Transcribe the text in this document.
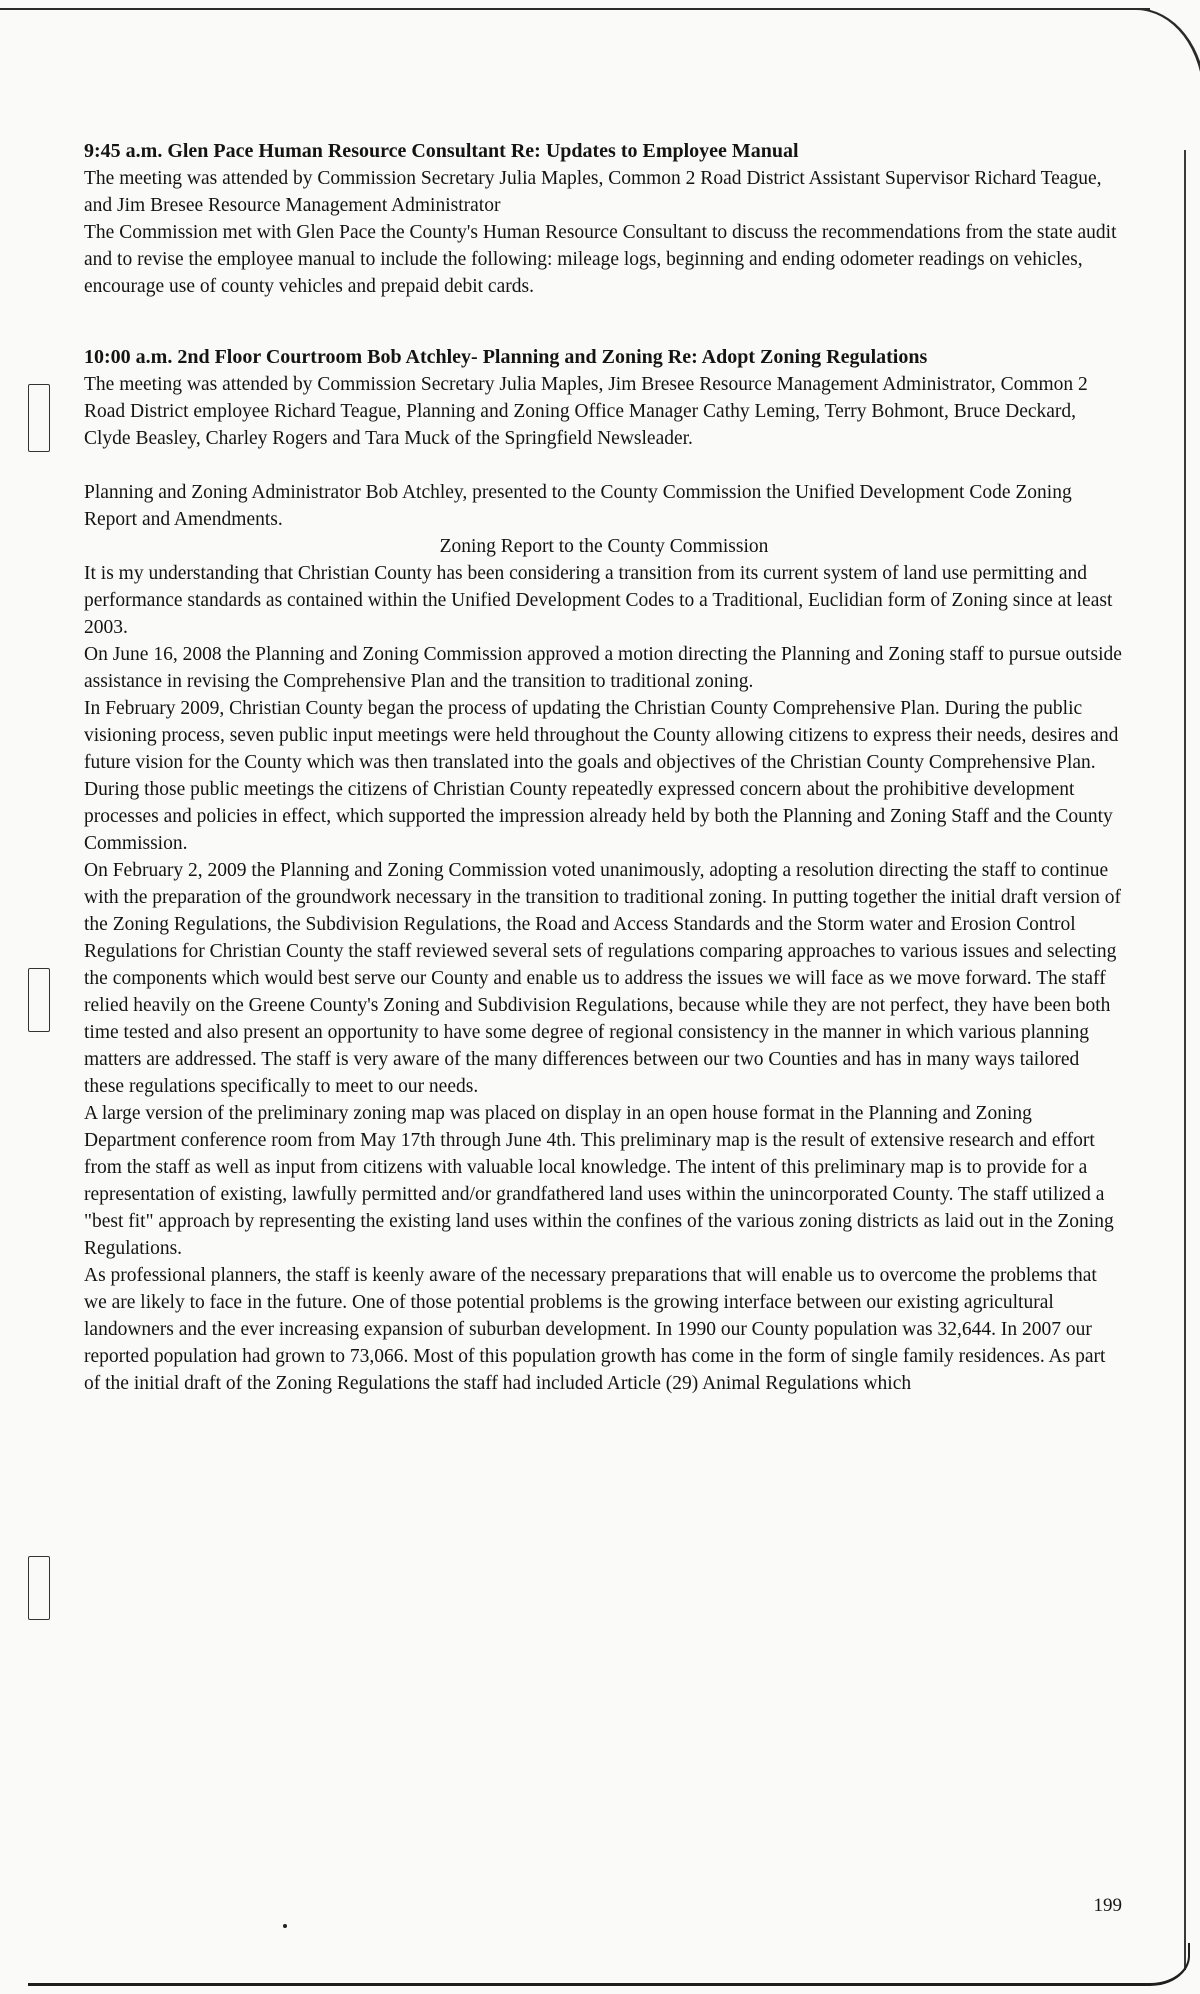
9:45 a.m. Glen Pace Human Resource Consultant Re: Updates to Employee Manual

The meeting was attended by Commission Secretary Julia Maples, Common 2 Road District Assistant Supervisor Richard Teague, and Jim Bresee Resource Management Administrator

The Commission met with Glen Pace the County's Human Resource Consultant to discuss the recommendations from the state audit and to revise the employee manual to include the following: mileage logs, beginning and ending odometer readings on vehicles, encourage use of county vehicles and prepaid debit cards.

10:00 a.m. 2nd Floor Courtroom Bob Atchley- Planning and Zoning Re: Adopt Zoning Regulations

The meeting was attended by Commission Secretary Julia Maples, Jim Bresee Resource Management Administrator, Common 2 Road District employee Richard Teague, Planning and Zoning Office Manager Cathy Leming, Terry Bohmont, Bruce Deckard, Clyde Beasley, Charley Rogers and Tara Muck of the Springfield Newsleader.

Planning and Zoning Administrator Bob Atchley, presented to the County Commission the Unified Development Code Zoning Report and Amendments.

Zoning Report to the County Commission

It is my understanding that Christian County has been considering a transition from its current system of land use permitting and performance standards as contained within the Unified Development Codes to a Traditional, Euclidian form of Zoning since at least 2003.

On June 16, 2008 the Planning and Zoning Commission approved a motion directing the Planning and Zoning staff to pursue outside assistance in revising the Comprehensive Plan and the transition to traditional zoning.

In February 2009, Christian County began the process of updating the Christian County Comprehensive Plan. During the public visioning process, seven public input meetings were held throughout the County allowing citizens to express their needs, desires and future vision for the County which was then translated into the goals and objectives of the Christian County Comprehensive Plan. During those public meetings the citizens of Christian County repeatedly expressed concern about the prohibitive development processes and policies in effect, which supported the impression already held by both the Planning and Zoning Staff and the County Commission.

On February 2, 2009 the Planning and Zoning Commission voted unanimously, adopting a resolution directing the staff to continue with the preparation of the groundwork necessary in the transition to traditional zoning. In putting together the initial draft version of the Zoning Regulations, the Subdivision Regulations, the Road and Access Standards and the Storm water and Erosion Control Regulations for Christian County the staff reviewed several sets of regulations comparing approaches to various issues and selecting the components which would best serve our County and enable us to address the issues we will face as we move forward. The staff relied heavily on the Greene County's Zoning and Subdivision Regulations, because while they are not perfect, they have been both time tested and also present an opportunity to have some degree of regional consistency in the manner in which various planning matters are addressed. The staff is very aware of the many differences between our two Counties and has in many ways tailored these regulations specifically to meet to our needs.

A large version of the preliminary zoning map was placed on display in an open house format in the Planning and Zoning Department conference room from May 17th through June 4th. This preliminary map is the result of extensive research and effort from the staff as well as input from citizens with valuable local knowledge. The intent of this preliminary map is to provide for a representation of existing, lawfully permitted and/or grandfathered land uses within the unincorporated County. The staff utilized a "best fit" approach by representing the existing land uses within the confines of the various zoning districts as laid out in the Zoning Regulations.

As professional planners, the staff is keenly aware of the necessary preparations that will enable us to overcome the problems that we are likely to face in the future. One of those potential problems is the growing interface between our existing agricultural landowners and the ever increasing expansion of suburban development. In 1990 our County population was 32,644. In 2007 our reported population had grown to 73,066. Most of this population growth has come in the form of single family residences. As part of the initial draft of the Zoning Regulations the staff had included Article (29) Animal Regulations which

199
